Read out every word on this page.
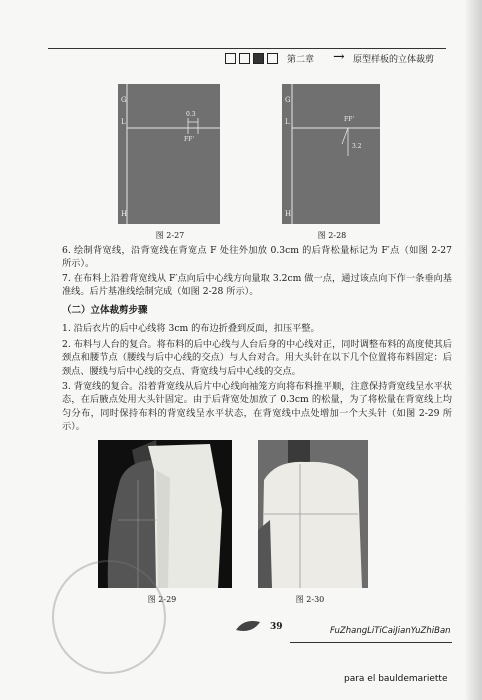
第二章 → 原型样板的立体裁剪
G
L
H
0.3
FF'
图 2-27
G
L
H
FF'
3.2
图 2-28
6. 绘制背宽线，沿背宽线在背宽点 F 处往外加放 0.3cm 的后背松量标记为 F′点（如图 2-27 所示）。
7. 在布料上沿着背宽线从 F′点向后中心线方向量取 3.2cm 做一点，通过该点向下作一条垂向基准线。后片基准线绘制完成（如图 2-28 所示）。
（二）立体裁剪步骤
1. 沿后衣片的后中心线将 3cm 的布边折叠到反面，扣压平整。
2. 布料与人台的复合。将布料的后中心线与人台后身的中心线对正，同时调整布料的高度使其后颈点和腰节点（腰线与后中心线的交点）与人台对合。用大头针在以下几个位置将布料固定：后颈点、腰线与后中心线的交点、背宽线与后中心线的交点。
3. 背宽线的复合。沿着背宽线从后片中心线向袖笼方向将布料推平顺，注意保持背宽线呈水平状态，在后腋点处用大头针固定。由于后背宽处加放了 0.3cm 的松量，为了将松量在背宽线上均匀分布，同时保持布料的背宽线呈水平状态，在背宽线中点处增加一个大头针（如图 2-29 所示）。
图 2-29	图 2-30
39	FuZhangLiTiCaiJianYuZhiBan
para el bauldemariette
